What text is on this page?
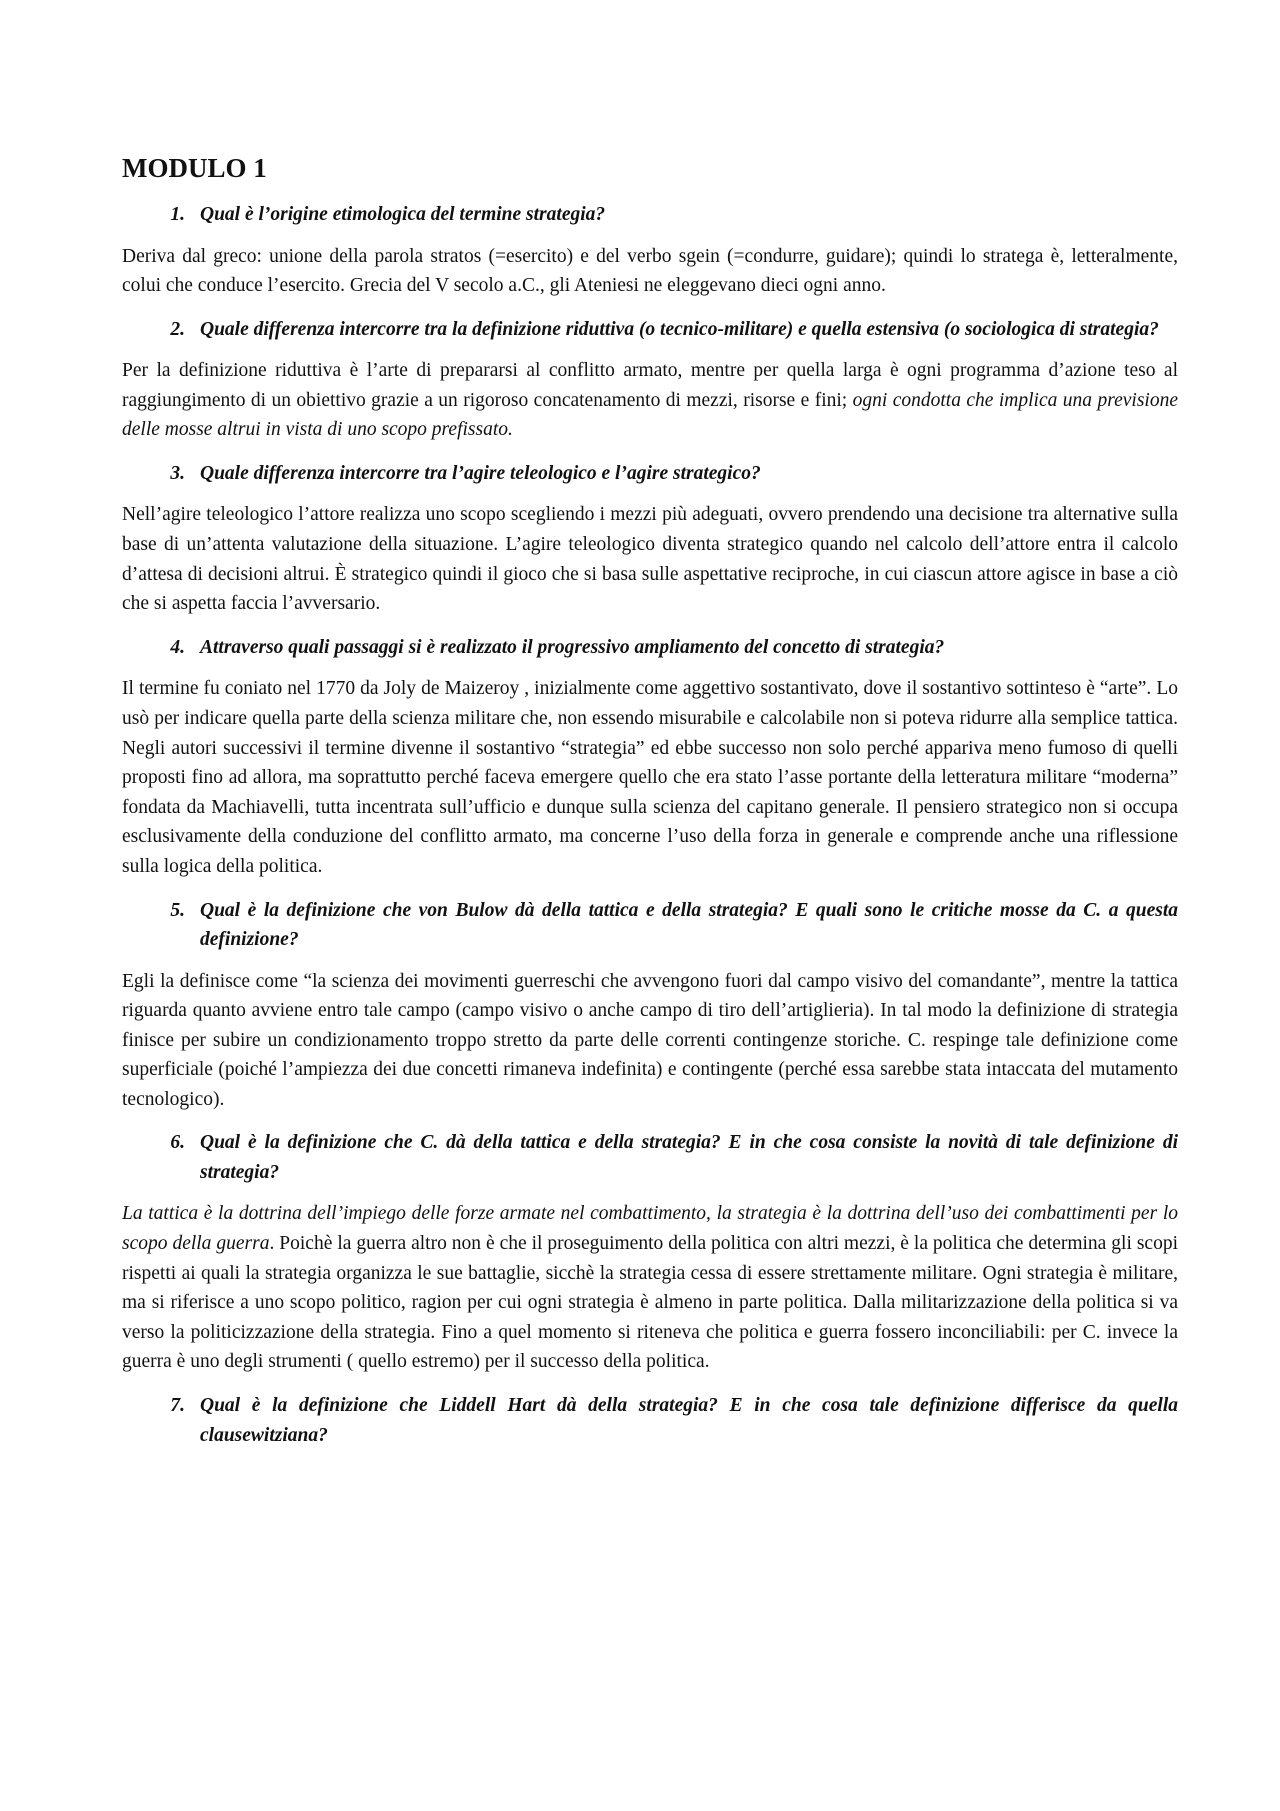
MODULO 1
1. Qual è l’origine etimologica del termine strategia?

Deriva dal greco: unione della parola stratos (=esercito) e del verbo sgein (=condurre, guidare); quindi lo stratega è, letteralmente, colui che conduce l’esercito. Grecia del V secolo a.C., gli Ateniesi ne eleggevano dieci ogni anno.

2. Quale differenza intercorre tra la definizione riduttiva (o tecnico-militare) e quella estensiva (o sociologica di strategia?

Per la definizione riduttiva è l’arte di prepararsi al conflitto armato, mentre per quella larga è ogni programma d’azione teso al raggiungimento di un obiettivo grazie a un rigoroso concatenamento di mezzi, risorse e fini; ogni condotta che implica una previsione delle mosse altrui in vista di uno scopo prefissato.

3. Quale differenza intercorre tra l’agire teleologico e l’agire strategico?

Nell’agire teleologico l’attore realizza uno scopo scegliendo i mezzi più adeguati, ovvero prendendo una decisione tra alternative sulla base di un’attenta valutazione della situazione. L’agire teleologico diventa strategico quando nel calcolo dell’attore entra il calcolo d’attesa di decisioni altrui. È strategico quindi il gioco che si basa sulle aspettative reciproche, in cui ciascun attore agisce in base a ciò che si aspetta faccia l’avversario.

4. Attraverso quali passaggi si è realizzato il progressivo ampliamento del concetto di strategia?

Il termine fu coniato nel 1770 da Joly de Maizeroy , inizialmente come aggettivo sostantivato, dove il sostantivo sottinteso è “arte”. Lo usò per indicare quella parte della scienza militare che, non essendo misurabile e calcolabile non si poteva ridurre alla semplice tattica. Negli autori successivi il termine divenne il sostantivo “strategia” ed ebbe successo non solo perché appariva meno fumoso di quelli proposti fino ad allora, ma soprattutto perché faceva emergere quello che era stato l’asse portante della letteratura militare “moderna” fondata da Machiavelli, tutta incentrata sull’ufficio e dunque sulla scienza del capitano generale. Il pensiero strategico non si occupa esclusivamente della conduzione del conflitto armato, ma concerne l’uso della forza in generale e comprende anche una riflessione sulla logica della politica.

5. Qual è la definizione che von Bulow dà della tattica e della strategia? E quali sono le critiche mosse da C. a questa definizione?

Egli la definisce come “la scienza dei movimenti guerreschi che avvengono fuori dal campo visivo del comandante”, mentre la tattica riguarda quanto avviene entro tale campo (campo visivo o anche campo di tiro dell’artiglieria). In tal modo la definizione di strategia finisce per subire un condizionamento troppo stretto da parte delle correnti contingenze storiche. C. respinge tale definizione come superficiale (poiché l’ampiezza dei due concetti rimaneva indefinita) e contingente (perché essa sarebbe stata intaccata del mutamento tecnologico).

6. Qual è la definizione che C. dà della tattica e della strategia? E in che cosa consiste la novità di tale definizione di strategia?

La tattica è la dottrina dell’impiego delle forze armate nel combattimento, la strategia è la dottrina dell’uso dei combattimenti per lo scopo della guerra. Poichè la guerra altro non è che il proseguimento della politica con altri mezzi, è la politica che determina gli scopi rispetti ai quali la strategia organizza le sue battaglie, sicchè la strategia cessa di essere strettamente militare. Ogni strategia è militare, ma si riferisce a uno scopo politico, ragion per cui ogni strategia è almeno in parte politica. Dalla militarizzazione della politica si va verso la politicizzazione della strategia. Fino a quel momento si riteneva che politica e guerra fossero inconciliabili: per C. invece la guerra è uno degli strumenti ( quello estremo) per il successo della politica.

7. Qual è la definizione che Liddell Hart dà della strategia? E in che cosa tale definizione differisce da quella clausewitziana?
